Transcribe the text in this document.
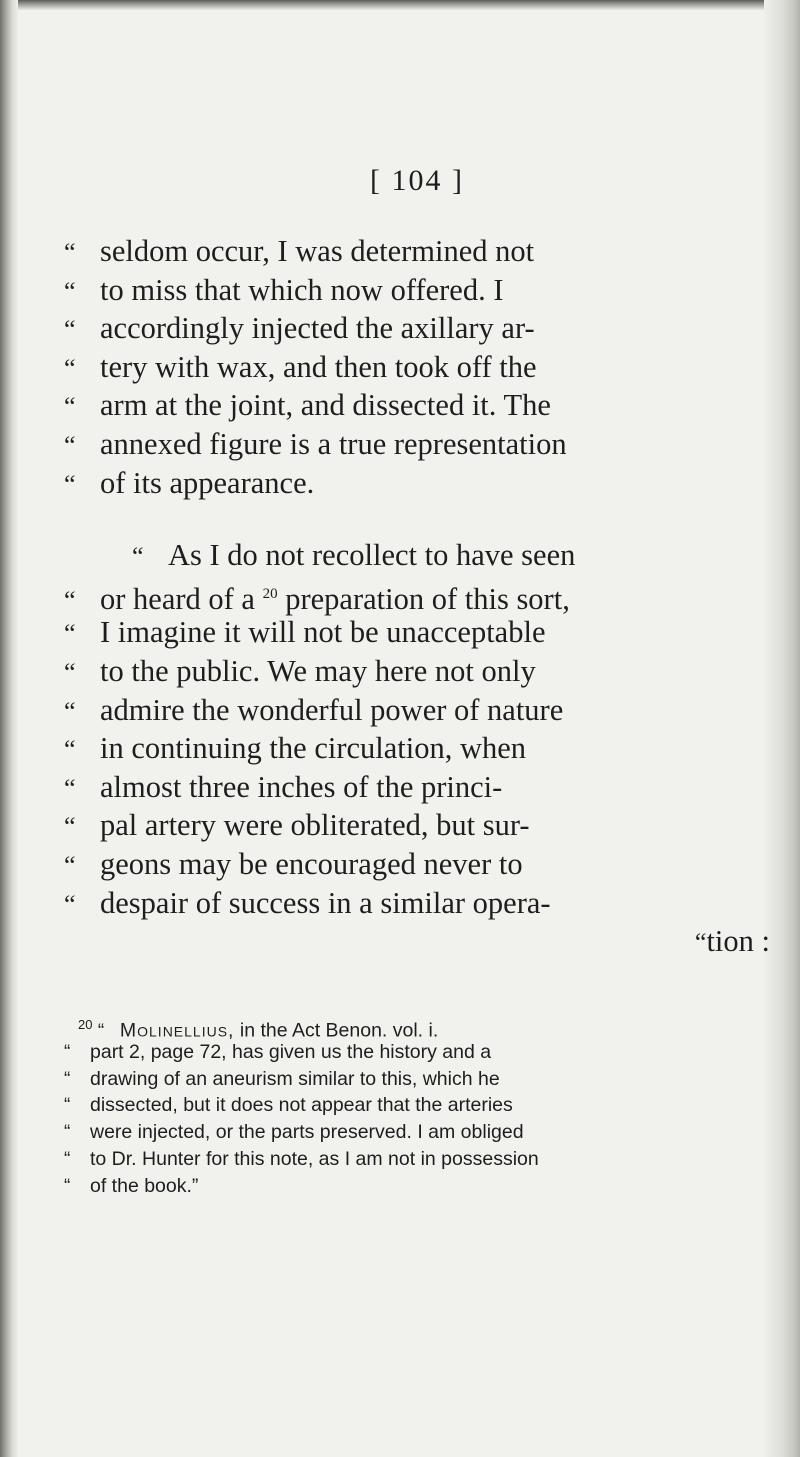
[ 104 ]
“ seldom occur, I was determined not
“ to miss that which now offered. I
“ accordingly injected the axillary ar-
“ tery with wax, and then took off the
“ arm at the joint, and dissected it. The
“ annexed figure is a true representation
“ of its appearance.
“ As I do not recollect to have seen
“ or heard of a $^{20}$ preparation of this sort,
“ I imagine it will not be unacceptable
“ to the public. We may here not only
“ admire the wonderful power of nature
“ in continuing the circulation, when
“ almost three inches of the princi-
“ pal artery were obliterated, but sur-
“ geons may be encouraged never to
“ despair of success in a similar opera-
“tion :
$^{20}$ “ Molinellius, in the Act Benon. vol. i.
“ part 2, page 72, has given us the history and a
“ drawing of an aneurism similar to this, which he
“ dissected, but it does not appear that the arteries
“ were injected, or the parts preserved. I am obliged
“ to Dr. Hunter for this note, as I am not in possession
“ of the book.”
